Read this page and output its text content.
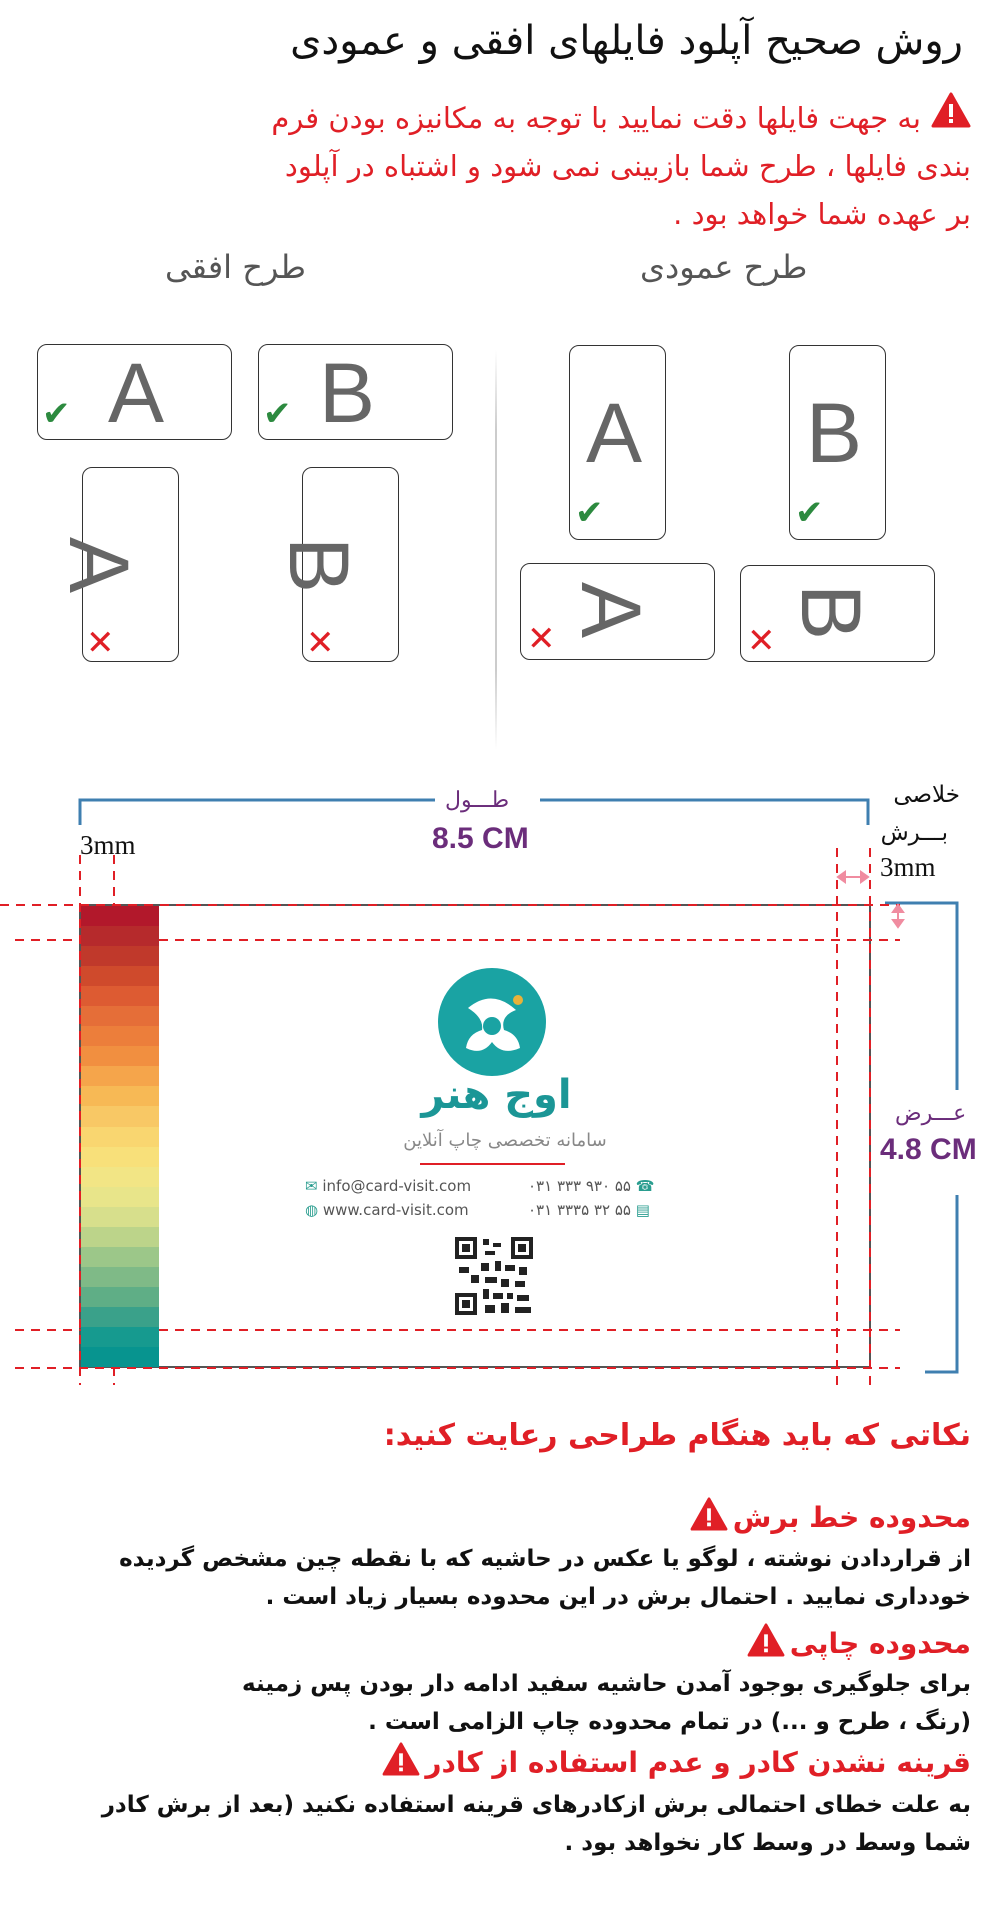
روش صحیح آپلود فایلهای افقی و عمودی
به جهت فایلها دقت نمایید با توجه به مکانیزه بودن فرم
بندی فایلها ، طرح شما بازبینی نمی شود و اشتباه در آپلود
بر عهده شما خواهد بود .
طرح افقی	طرح عمودی
A
✔	B
✔
A
✕
B
✕
A
✔
B
✔
A
✕	B
✕
طـــول
8.5 CM
3mm
خلاصی
بـــرش
3mm
عـــرض
4.8 CM
اوج هنر
سامانه تخصصی چاپ آنلاین
✉ info@card-visit.com
◍ www.card-visit.com
۰۳۱ ۳۳۳ ۹۳۰ ۵۵ ☎
۰۳۱ ۳۳۳۵ ۳۲ ۵۵ ▤
نکاتی که باید هنگام طراحی رعایت کنید:
محدوده خط برش
از قراردادن نوشته ، لوگو یا عکس در حاشیه که با نقطه چین مشخص گردیده
خودداری نمایید . احتمال برش در این محدوده بسیار زیاد است .
محدوده چاپی
برای جلوگیری بوجود آمدن حاشیه سفید ادامه دار بودن پس زمینه
(رنگ ، طرح و ...) در تمام محدوده چاپ الزامی است .
قرینه نشدن کادر و عدم استفاده از کادر
به علت خطای احتمالی برش ازکادرهای قرینه استفاده نکنید (بعد از برش کادر
شما وسط در وسط کار نخواهد بود .
